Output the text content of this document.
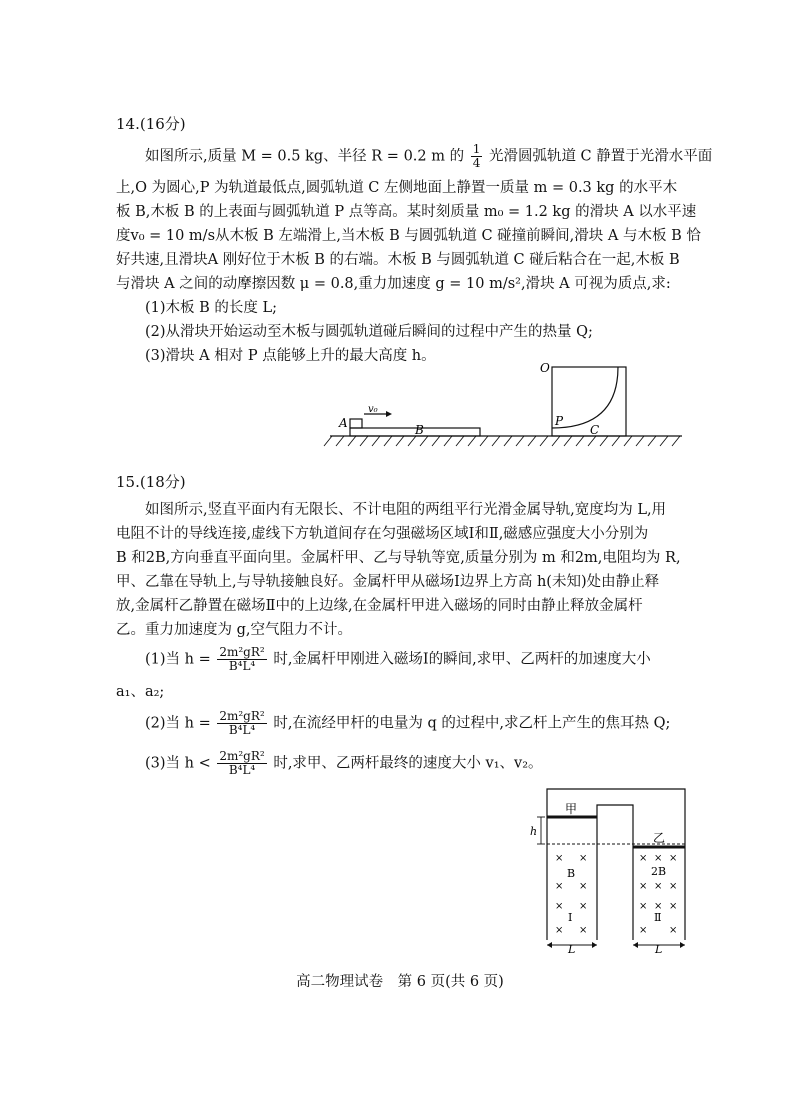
14.(16分)
如图所示,质量 M = 0.5 kg、半径 R = 0.2 m 的 $\frac{1}{4}$ 光滑圆弧轨道 C 静置于光滑水平面
上,O 为圆心,P 为轨道最低点,圆弧轨道 C 左侧地面上静置一质量 m = 0.3 kg 的水平木
板 B,木板 B 的上表面与圆弧轨道 P 点等高。某时刻质量 m₀ = 1.2 kg 的滑块 A 以水平速
度v₀ = 10 m/s从木板 B 左端滑上,当木板 B 与圆弧轨道 C 碰撞前瞬间,滑块 A 与木板 B 恰
好共速,且滑块A 刚好位于木板 B 的右端。木板 B 与圆弧轨道 C 碰后粘合在一起,木板 B
与滑块 A 之间的动摩擦因数 μ = 0.8,重力加速度 g = 10 m/s²,滑块 A 可视为质点,求:
(1)木板 B 的长度 L;
(2)从滑块开始运动至木板与圆弧轨道碰后瞬间的过程中产生的热量 Q;
(3)滑块 A 相对 P 点能够上升的最大高度 h。
A
v₀
B
O
P
C
15.(18分)
如图所示,竖直平面内有无限长、不计电阻的两组平行光滑金属导轨,宽度均为 L,用
电阻不计的导线连接,虚线下方轨道间存在匀强磁场区域Ⅰ和Ⅱ,磁感应强度大小分别为
B 和2B,方向垂直平面向里。金属杆甲、乙与导轨等宽,质量分别为 m 和2m,电阻均为 R,
甲、乙靠在导轨上,与导轨接触良好。金属杆甲从磁场Ⅰ边界上方高 h(未知)处由静止释
放,金属杆乙静置在磁场Ⅱ中的上边缘,在金属杆甲进入磁场的同时由静止释放金属杆
乙。重力加速度为 g,空气阻力不计。
(1)当 $h = \frac{\text{2m²gR²}}{\text{B⁴L⁴}}$ 时,金属杆甲刚进入磁场Ⅰ的瞬间,求甲、乙两杆的加速度大小
a₁、a₂;
(2)当 $h = \frac{\text{2m²gR²}}{\text{B⁴L⁴}}$ 时,在流经甲杆的电量为 q 的过程中,求乙杆上产生的焦耳热 Q;
(3)当 $h < \frac{\text{2m²gR²}}{\text{B⁴L⁴}}$ 时,求甲、乙两杆最终的速度大小 v₁、v₂。
甲
乙
h
B	2B
Ⅰ	Ⅱ
L	L
× ×
× ×
× ×
× ×
× × ×
× × ×
× × ×
× ×
高二物理试卷　第 6 页(共 6 页)
